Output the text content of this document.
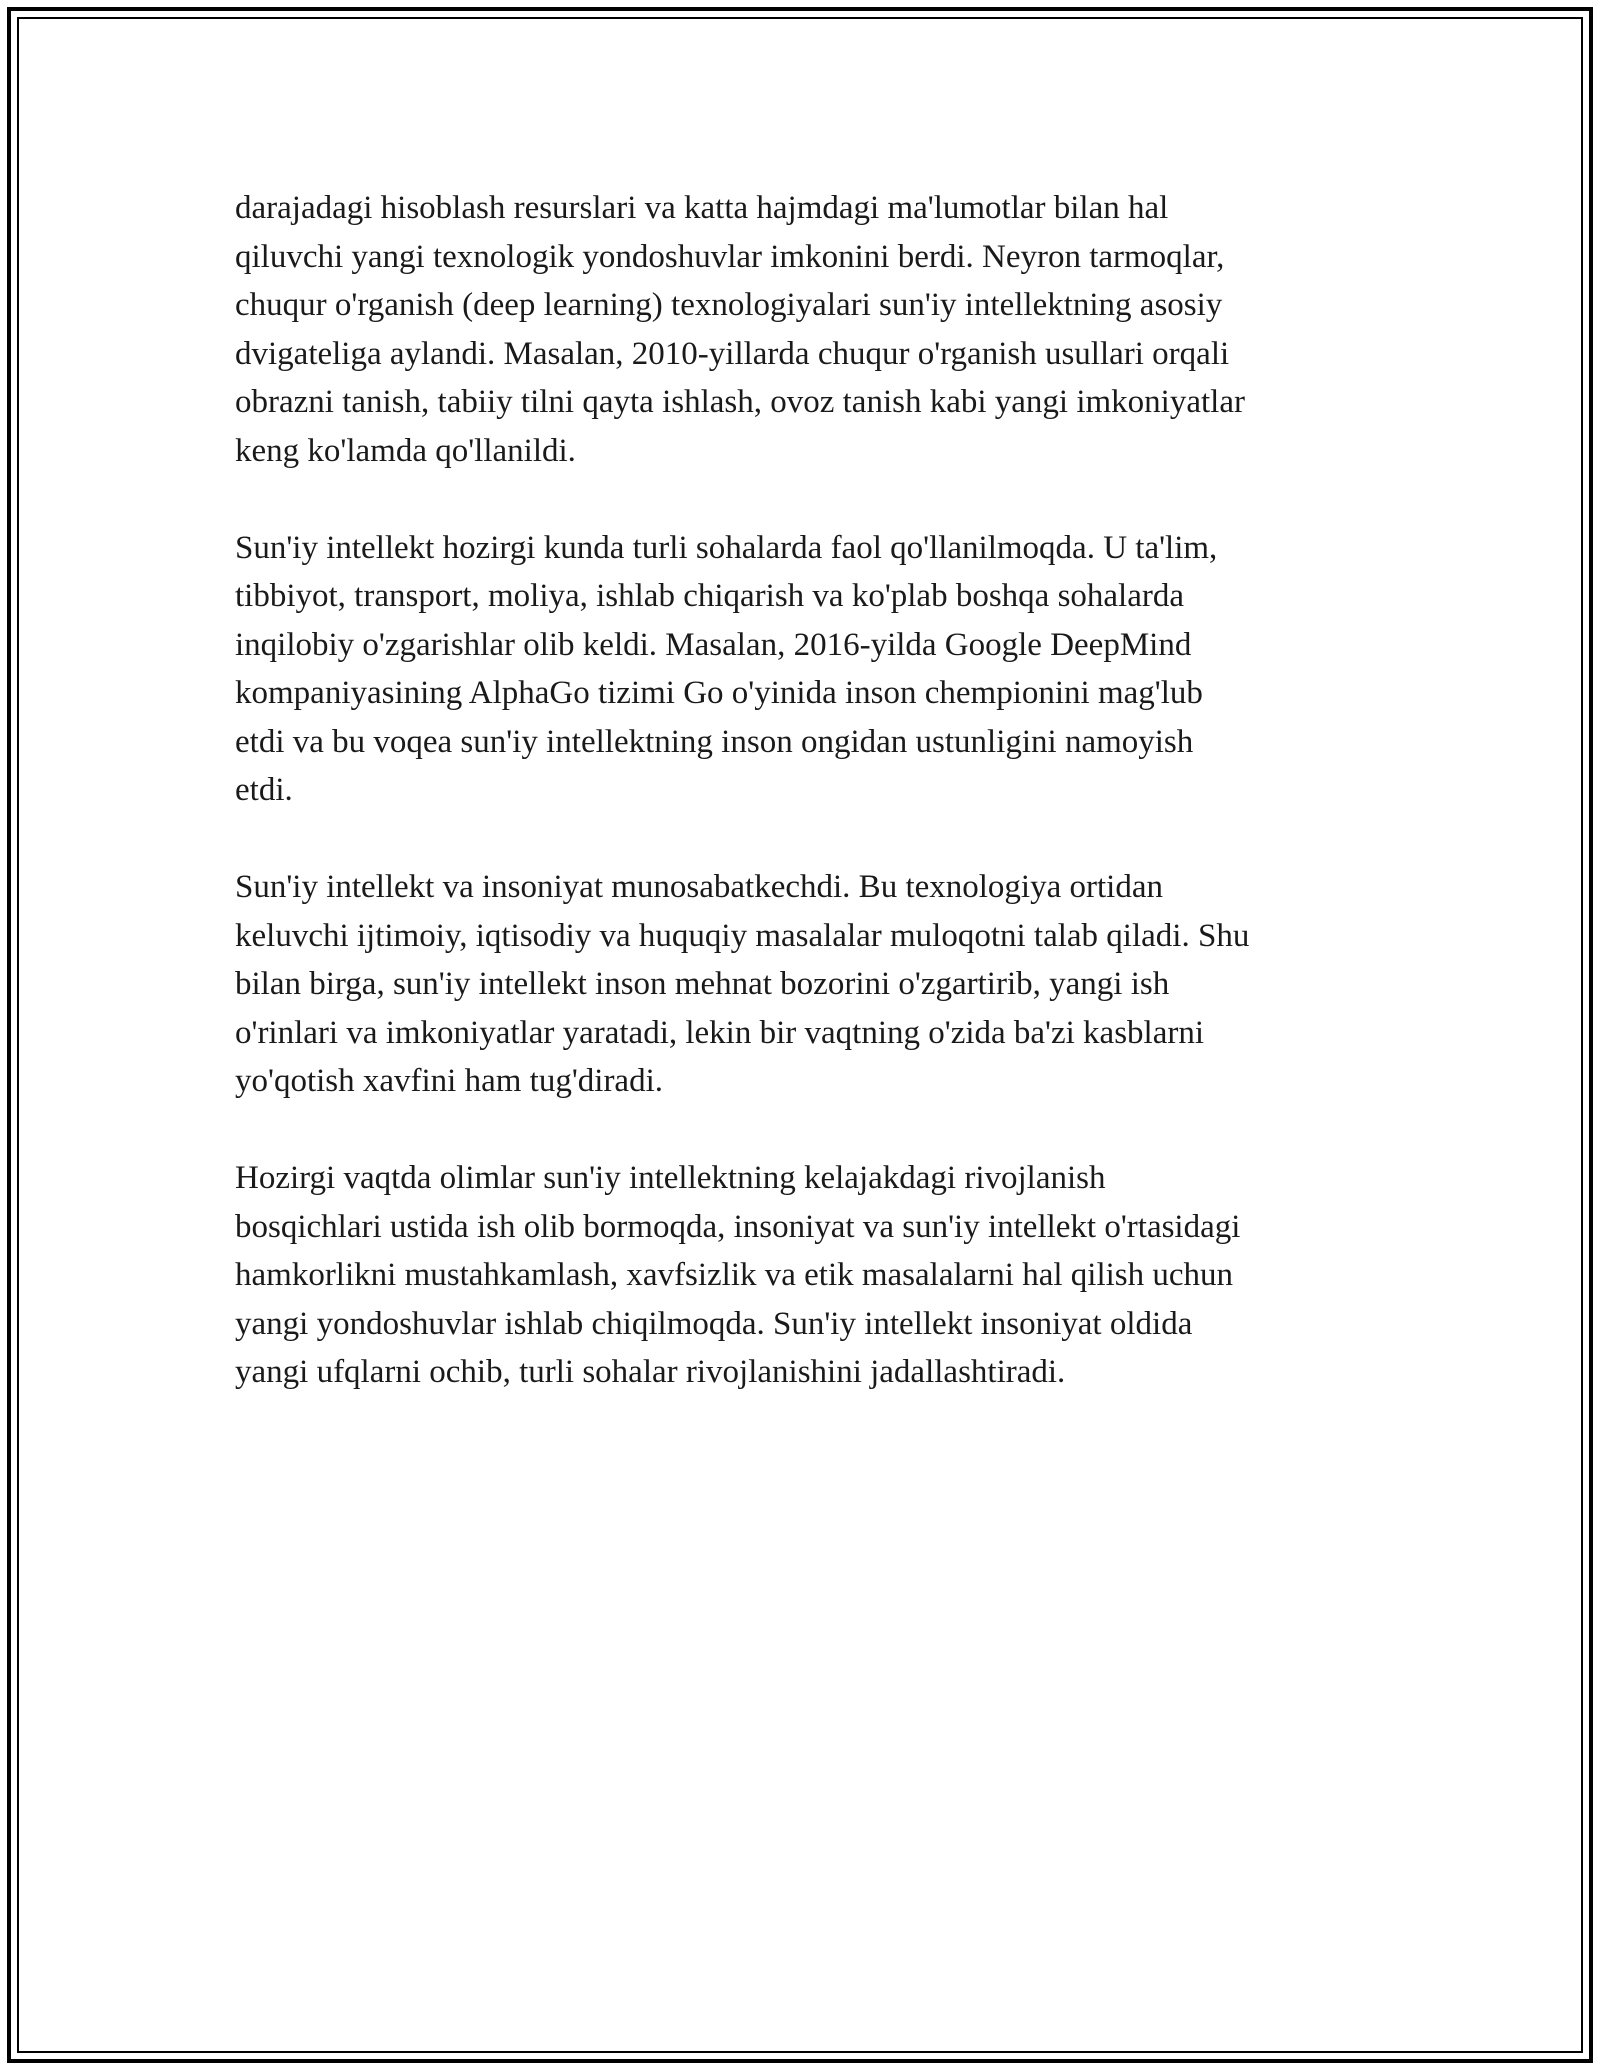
darajadagi hisoblash resurslari va katta hajmdagi ma'lumotlar bilan hal
qiluvchi yangi texnologik yondoshuvlar imkonini berdi. Neyron tarmoqlar,
chuqur o'rganish (deep learning) texnologiyalari sun'iy intellektning asosiy
dvigateliga aylandi. Masalan, 2010-yillarda chuqur o'rganish usullari orqali
obrazni tanish, tabiiy tilni qayta ishlash, ovoz tanish kabi yangi imkoniyatlar
keng ko'lamda qo'llanildi.

Sun'iy intellekt hozirgi kunda turli sohalarda faol qo'llanilmoqda. U ta'lim,
tibbiyot, transport, moliya, ishlab chiqarish va ko'plab boshqa sohalarda
inqilobiy o'zgarishlar olib keldi. Masalan, 2016-yilda Google DeepMind
kompaniyasining AlphaGo tizimi Go o'yinida inson chempionini mag'lub
etdi va bu voqea sun'iy intellektning inson ongidan ustunligini namoyish
etdi.

Sun'iy intellekt va insoniyat munosabatkechdi. Bu texnologiya ortidan
keluvchi ijtimoiy, iqtisodiy va huquqiy masalalar muloqotni talab qiladi. Shu
bilan birga, sun'iy intellekt inson mehnat bozorini o'zgartirib, yangi ish
o'rinlari va imkoniyatlar yaratadi, lekin bir vaqtning o'zida ba'zi kasblarni
yo'qotish xavfini ham tug'diradi.

Hozirgi vaqtda olimlar sun'iy intellektning kelajakdagi rivojlanish
bosqichlari ustida ish olib bormoqda, insoniyat va sun'iy intellekt o'rtasidagi
hamkorlikni mustahkamlash, xavfsizlik va etik masalalarni hal qilish uchun
yangi yondoshuvlar ishlab chiqilmoqda. Sun'iy intellekt insoniyat oldida
yangi ufqlarni ochib, turli sohalar rivojlanishini jadallashtiradi.
